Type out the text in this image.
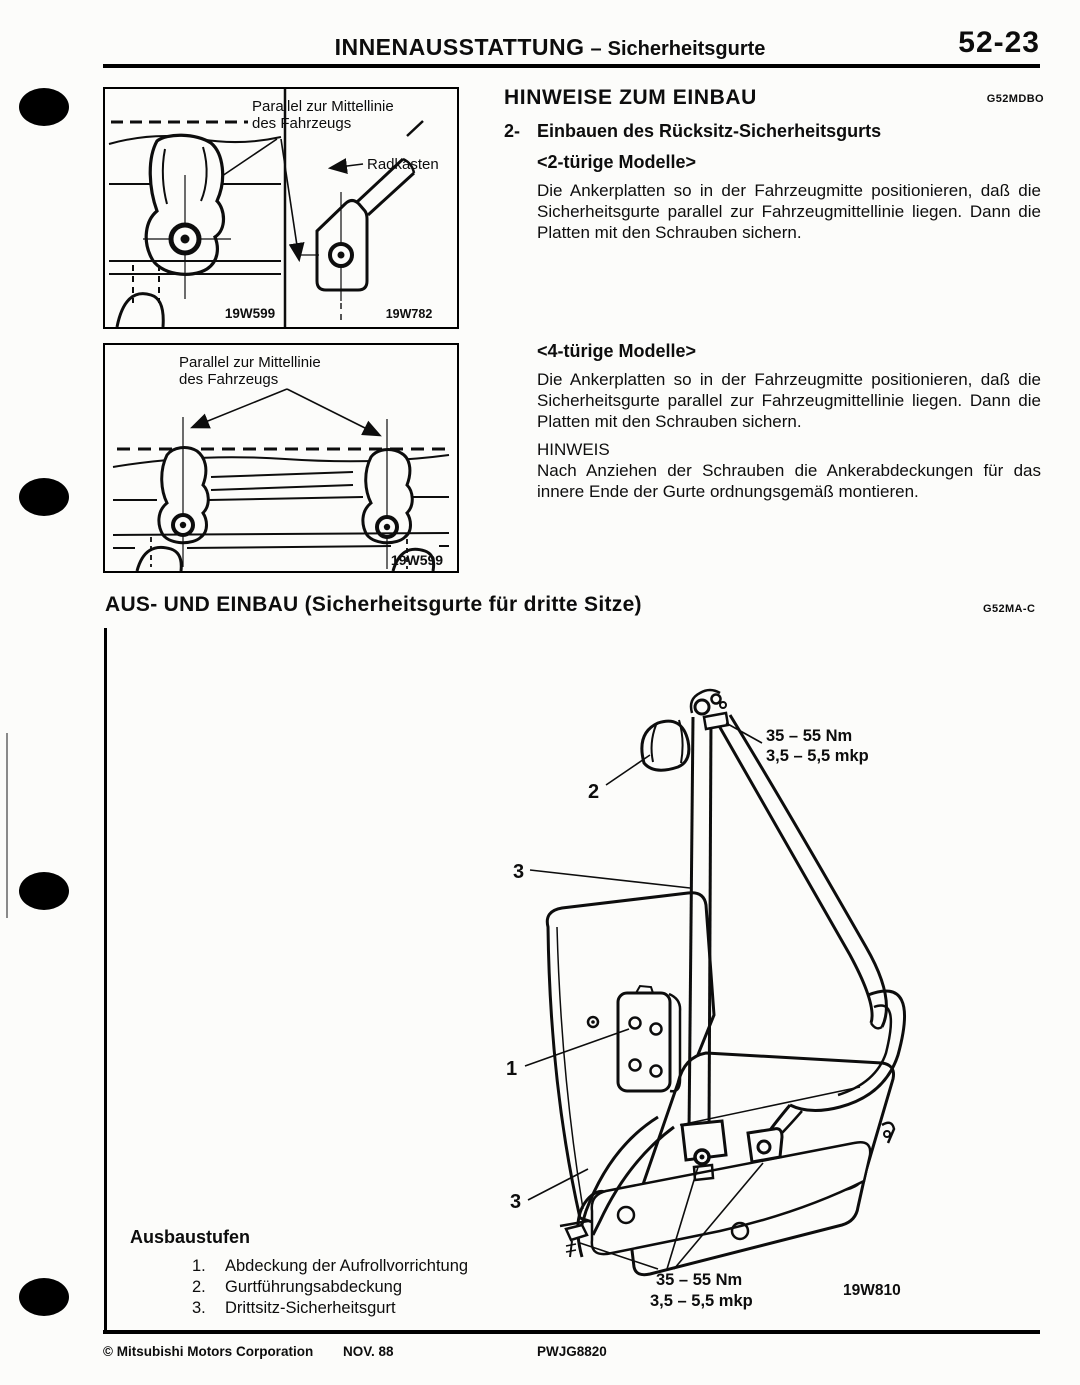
INNENAUSSTATTUNG – Sicherheitsgurte	52-23
Parallel zur Mittellinie
des Fahrzeugs
Radkasten
19W599	19W782
Parallel zur Mittellinie
des Fahrzeugs
19W599
HINWEISE ZUM EINBAU	G52MDBO
2- Einbauen des Rücksitz-Sicherheitsgurts
<2-türige Modelle>
Die Ankerplatten so in der Fahrzeugmitte positionieren, daß die Sicherheitsgurte parallel zur Fahrzeugmittellinie liegen. Dann die Platten mit den Schrauben sichern.
<4-türige Modelle>
Die Ankerplatten so in der Fahrzeugmitte positionieren, daß die Sicherheitsgurte parallel zur Fahrzeugmittellinie liegen. Dann die Platten mit den Schrauben sichern.
HINWEIS
Nach Anziehen der Schrauben die Ankerabdeckungen für das innere Ende der Gurte ordnungsgemäß montieren.
AUS- UND EINBAU (Sicherheitsgurte für dritte Sitze)	G52MA-C
2
3
1
3
35 – 55 Nm
3,5 – 5,5 mkp
35 – 55 Nm
3,5 – 5,5 mkp
19W810
Ausbaustufen
1.	Abdeckung der Aufrollvorrichtung
2.	Gurtführungsabdeckung
3.	Drittsitz-Sicherheitsgurt
© Mitsubishi Motors Corporation NOV. 88	PWJG8820
